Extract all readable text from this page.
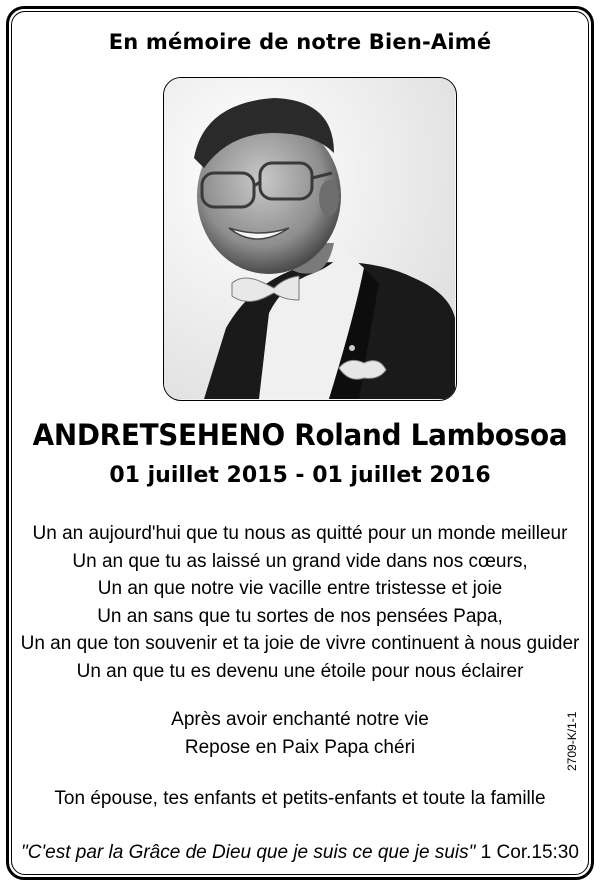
En mémoire de notre Bien-Aimé
ANDRETSEHENO Roland Lambosoa
01 juillet 2015 - 01 juillet 2016
Un an aujourd'hui que tu nous as quitté pour un monde meilleur
Un an que tu as laissé un grand vide dans nos cœurs,
Un an que notre vie vacille entre tristesse et joie
Un an sans que tu sortes de nos pensées Papa,
Un an que ton souvenir et ta joie de vivre continuent à nous guider
Un an que tu es devenu une étoile pour nous éclairer
Après avoir enchanté notre vie
Repose en Paix Papa chéri
Ton épouse, tes enfants et petits-enfants et toute la famille
"C'est par la Grâce de Dieu que je suis ce que je suis" 1 Cor.15:30
2709-K/1-1
